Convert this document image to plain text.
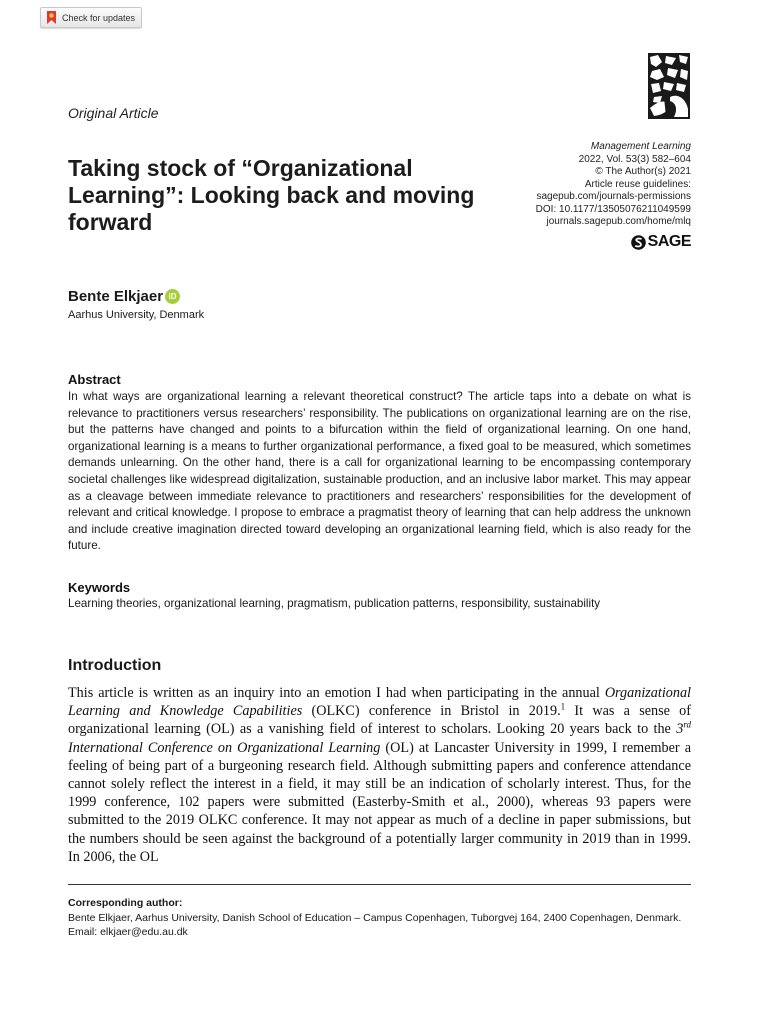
Check for updates
Original Article
Management Learning
2022, Vol. 53(3) 582–604
© The Author(s) 2021
Article reuse guidelines:
sagepub.com/journals-permissions
DOI: 10.1177/13505076211049599
journals.sagepub.com/home/mlq
SAGE
Taking stock of “Organizational Learning”: Looking back and moving forward
Bente Elkjaer iD
Aarhus University, Denmark
Abstract
In what ways are organizational learning a relevant theoretical construct? The article taps into a debate on what is relevance to practitioners versus researchers’ responsibility. The publications on organizational learning are on the rise, but the patterns have changed and points to a bifurcation within the field of organizational learning. On one hand, organizational learning is a means to further organizational performance, a fixed goal to be measured, which sometimes demands unlearning. On the other hand, there is a call for organizational learning to be encompassing contemporary societal challenges like widespread digitalization, sustainable production, and an inclusive labor market. This may appear as a cleavage between immediate relevance to practitioners and researchers’ responsibilities for the development of relevant and critical knowledge. I propose to embrace a pragmatist theory of learning that can help address the unknown and include creative imagination directed toward developing an organizational learning field, which is also ready for the future.
Keywords
Learning theories, organizational learning, pragmatism, publication patterns, responsibility, sustainability
Introduction
This article is written as an inquiry into an emotion I had when participating in the annual Organizational Learning and Knowledge Capabilities (OLKC) conference in Bristol in 2019.$^1$ It was a sense of organizational learning (OL) as a vanishing field of interest to scholars. Looking 20 years back to the 3rd International Conference on Organizational Learning (OL) at Lancaster University in 1999, I remember a feeling of being part of a burgeoning research field. Although submitting papers and conference attendance cannot solely reflect the interest in a field, it may still be an indication of scholarly interest. Thus, for the 1999 conference, 102 papers were submitted (Easterby-Smith et al., 2000), whereas 93 papers were submitted to the 2019 OLKC conference. It may not appear as much of a decline in paper submissions, but the numbers should be seen against the background of a potentially larger community in 2019 than in 1999. In 2006, the OL
Corresponding author:
Bente Elkjaer, Aarhus University, Danish School of Education – Campus Copenhagen, Tuborgvej 164, 2400 Copenhagen, Denmark.
Email: elkjaer@edu.au.dk
